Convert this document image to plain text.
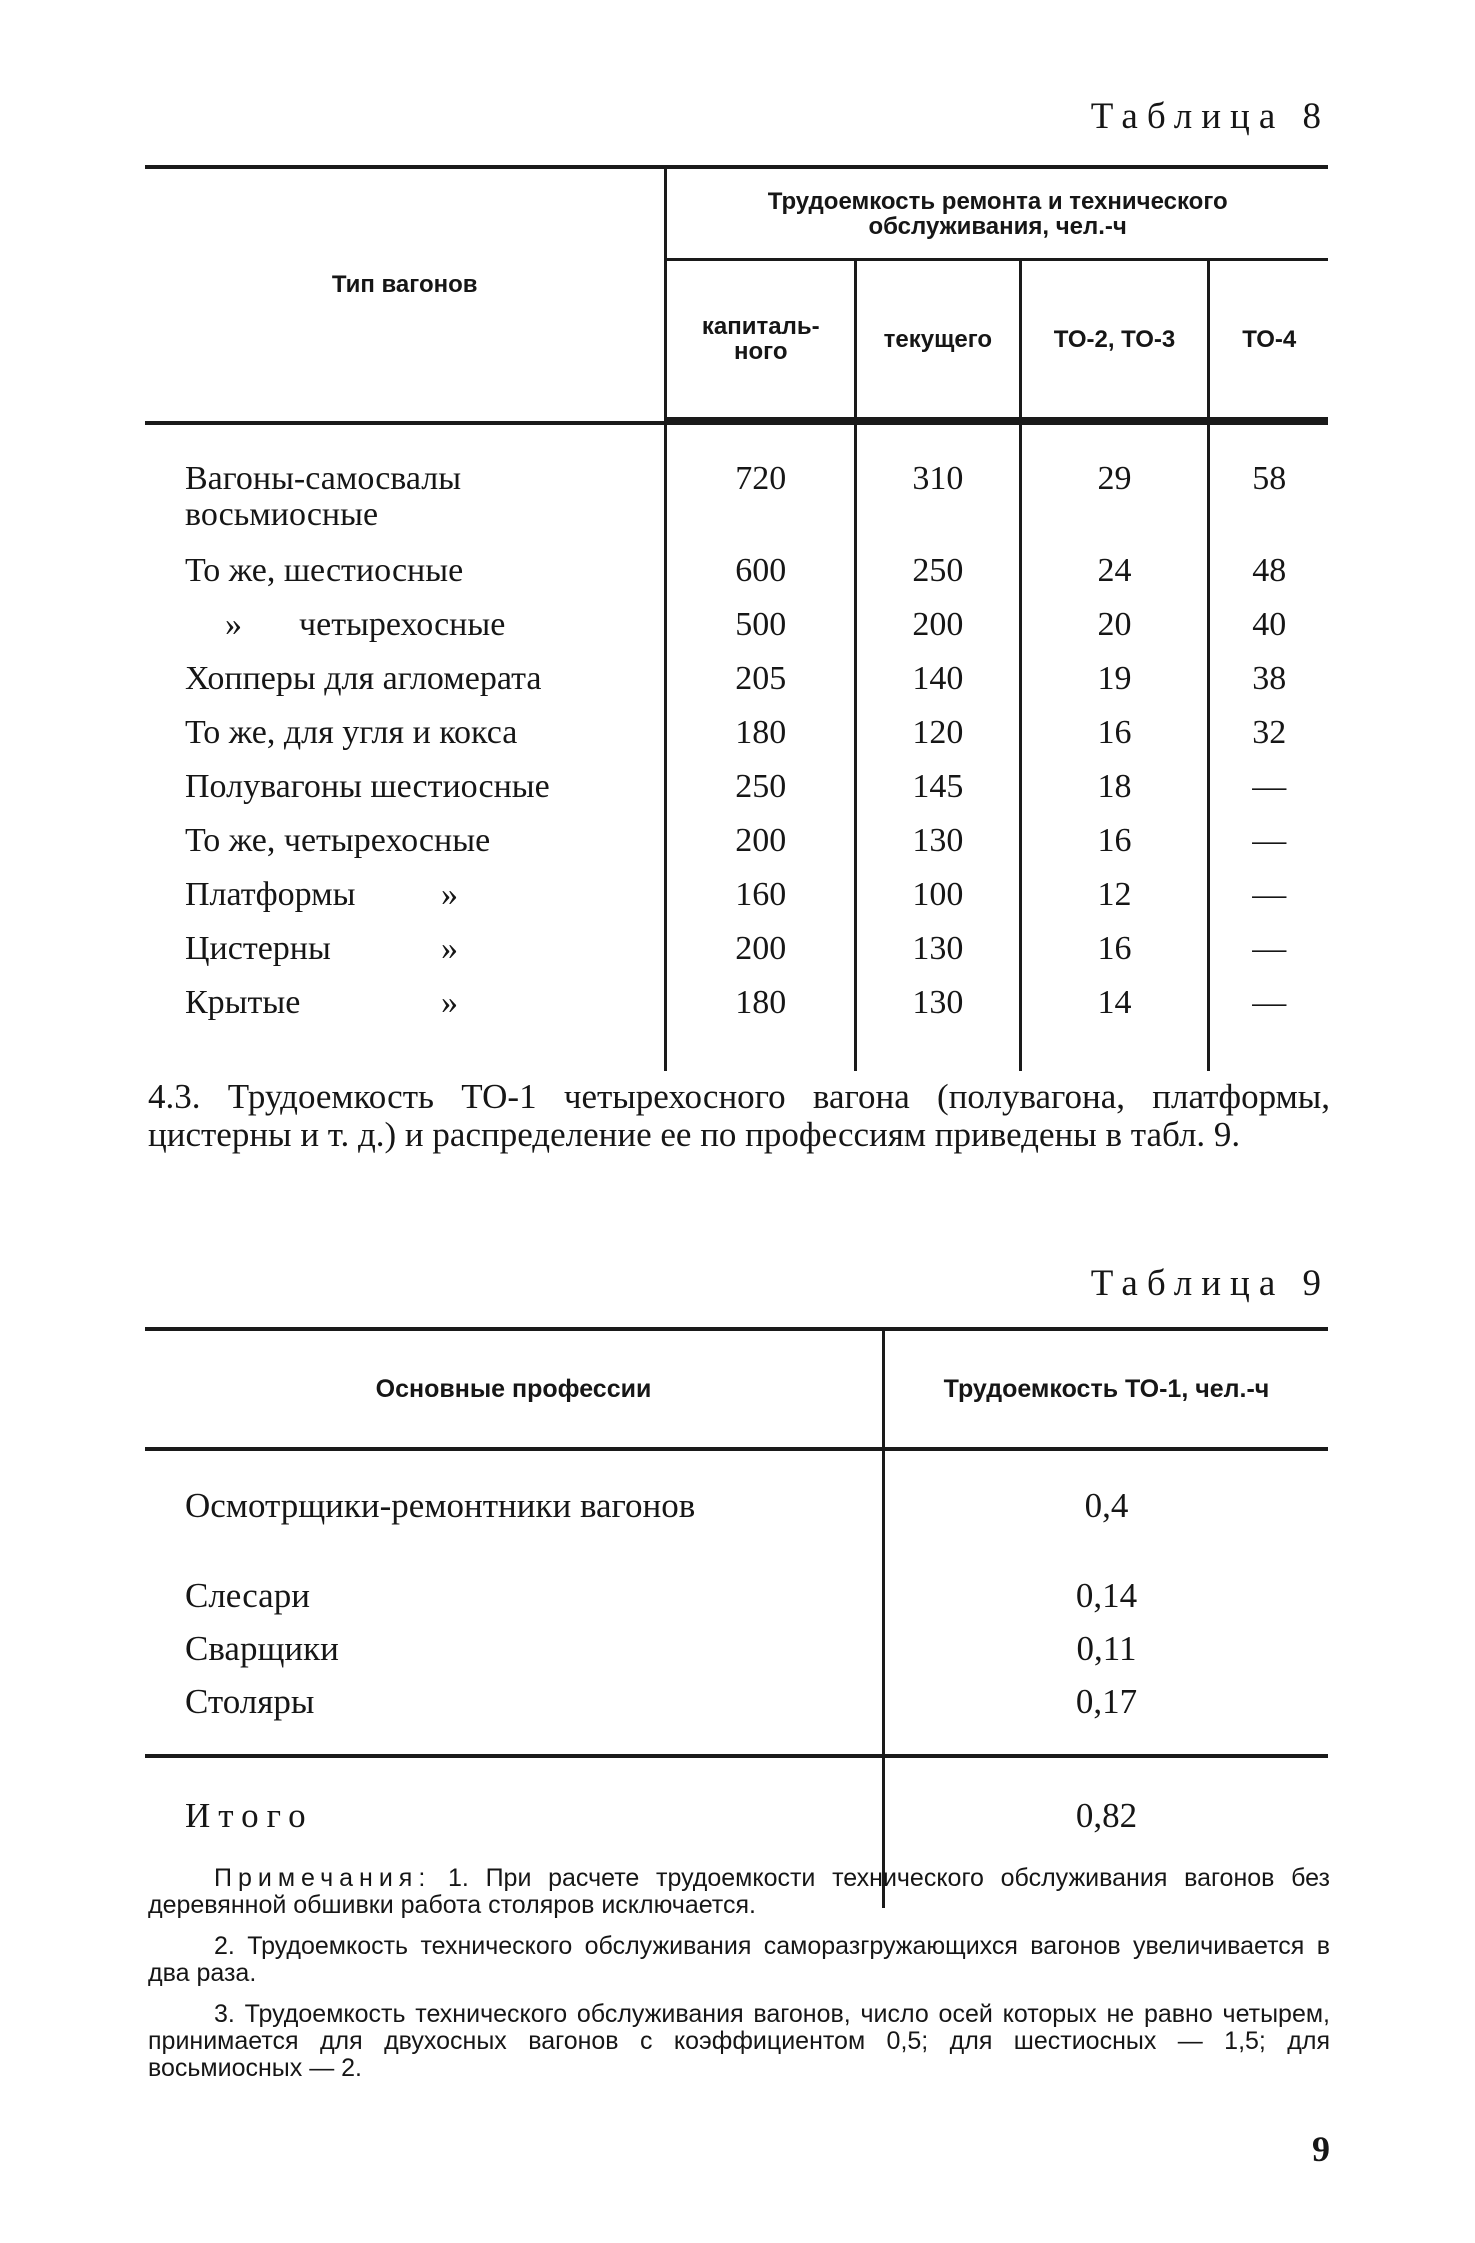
Таблица 8
Тип вагонов	Трудоемкость ремонта и технического обслуживания, чел.-ч			
	капиталь-ного	текущего	ТО-2, ТО-3	ТО-4

Вагоны-самосвалы восьмиосные	720	310	29	58
То же, шестиосные	600	250	24	48
» четырехосные	500	200	20	40
Хопперы для агломерата	205	140	19	38
То же, для угля и кокса	180	120	16	32
Полувагоны шестиосные	250	145	18	—
То же, четырехосные	200	130	16	—
Платформы »	160	100	12	—
Цистерны »	200	130	16	—
Крытые »	180	130	14	—
4.3. Трудоемкость ТО-1 четырехосного вагона (полувагона, платформы, цистерны и т. д.) и распределение ее по профессиям приведены в табл. 9.
Таблица 9
Основные профессии	Трудоемкость ТО-1, чел.-ч
Осмотрщики-ремонтники вагонов	0,4
Слесари	0,14
Сварщики	0,11
Столяры	0,17
Итого	0,82

Примечания: 1. При расчете трудоемкости технического обслуживания вагонов без деревянной обшивки работа столяров исключается.

2. Трудоемкость технического обслуживания саморазгружающихся вагонов увеличивается в два раза.

3. Трудоемкость технического обслуживания вагонов, число осей которых не равно четырем, принимается для двухосных вагонов с коэффициентом 0,5; для шестиосных — 1,5; для восьмиосных — 2.

9
